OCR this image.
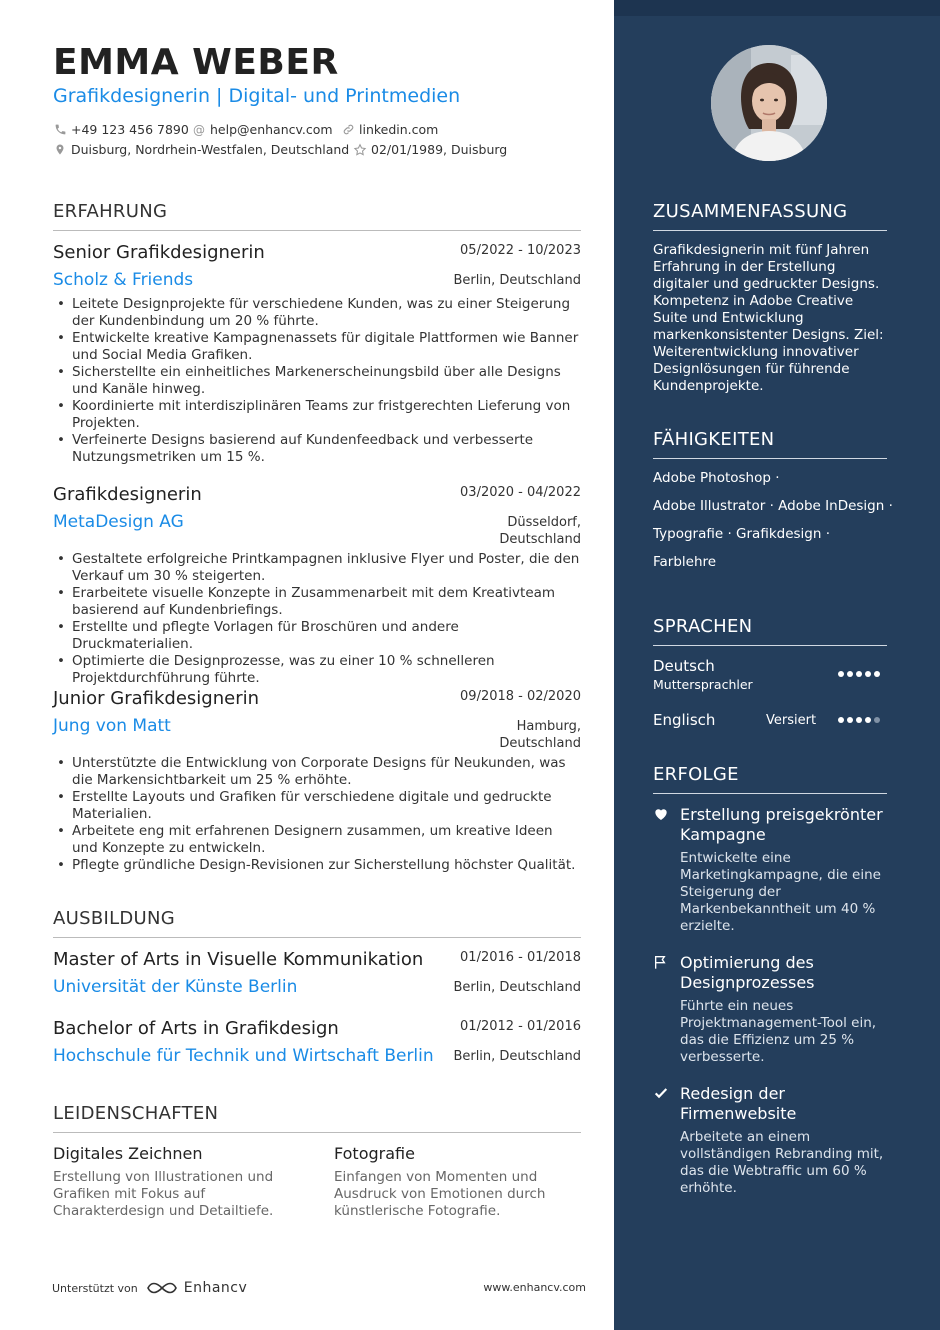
EMMA WEBER
Grafikdesignerin | Digital- und Printmedien
+49 123 456 7890 @ help@enhancv.com linkedin.com
Duisburg, Nordrhein-Westfalen, Deutschland 02/01/1989, Duisburg
ERFAHRUNG
Senior Grafikdesignerin	05/2022 - 10/2023
Scholz & Friends	Berlin, Deutschland
• Leitete Designprojekte für verschiedene Kunden, was zu einer Steigerung der Kundenbindung um 20 % führte.
• Entwickelte kreative Kampagnenassets für digitale Plattformen wie Banner und Social Media Grafiken.
• Sicherstellte ein einheitliches Markenerscheinungsbild über alle Designs und Kanäle hinweg.
• Koordinierte mit interdisziplinären Teams zur fristgerechten Lieferung von Projekten.
• Verfeinerte Designs basierend auf Kundenfeedback und verbesserte Nutzungsmetriken um 15 %.
Grafikdesignerin	03/2020 - 04/2022
MetaDesign AG	Düsseldorf,
Deutschland
• Gestaltete erfolgreiche Printkampagnen inklusive Flyer und Poster, die den Verkauf um 30 % steigerten.
• Erarbeitete visuelle Konzepte in Zusammenarbeit mit dem Kreativteam basierend auf Kundenbriefings.
• Erstellte und pflegte Vorlagen für Broschüren und andere Druckmaterialien.
• Optimierte die Designprozesse, was zu einer 10 % schnelleren Projektdurchführung führte.
Junior Grafikdesignerin	09/2018 - 02/2020
Jung von Matt	Hamburg,
Deutschland
• Unterstützte die Entwicklung von Corporate Designs für Neukunden, was die Markensichtbarkeit um 25 % erhöhte.
• Erstellte Layouts und Grafiken für verschiedene digitale und gedruckte Materialien.
• Arbeitete eng mit erfahrenen Designern zusammen, um kreative Ideen und Konzepte zu entwickeln.
• Pflegte gründliche Design-Revisionen zur Sicherstellung höchster Qualität.
AUSBILDUNG
Master of Arts in Visuelle Kommunikation	01/2016 - 01/2018
Universität der Künste Berlin	Berlin, Deutschland
Bachelor of Arts in Grafikdesign	01/2012 - 01/2016
Hochschule für Technik und Wirtschaft Berlin Berlin, Deutschland
LEIDENSCHAFTEN
Digitales Zeichnen
Erstellung von Illustrationen und Grafiken mit Fokus auf Charakterdesign und Detailtiefe.
Fotografie
Einfangen von Momenten und Ausdruck von Emotionen durch künstlerische Fotografie.
Unterstützt von	Enhancv	www.enhancv.com
ZUSAMMENFASSUNG
Grafikdesignerin mit fünf Jahren Erfahrung in der Erstellung digitaler und gedruckter Designs. Kompetenz in Adobe Creative Suite und Entwicklung markenkonsistenter Designs. Ziel: Weiterentwicklung innovativer Designlösungen für führende Kundenprojekte.
FÄHIGKEITEN
Adobe Photoshop ·
Adobe Illustrator · Adobe InDesign ·
Typografie · Grafikdesign ·
Farblehre
SPRACHEN
Deutsch
Muttersprachler
Englisch	Versiert
ERFOLGE
Erstellung preisgekrönter Kampagne
Entwickelte eine Marketingkampagne, die eine Steigerung der Markenbekanntheit um 40 % erzielte.
Optimierung des Designprozesses
Führte ein neues Projektmanagement-Tool ein, das die Effizienz um 25 % verbesserte.
Redesign der Firmenwebsite
Arbeitete an einem vollständigen Rebranding mit, das die Webtraffic um 60 % erhöhte.
